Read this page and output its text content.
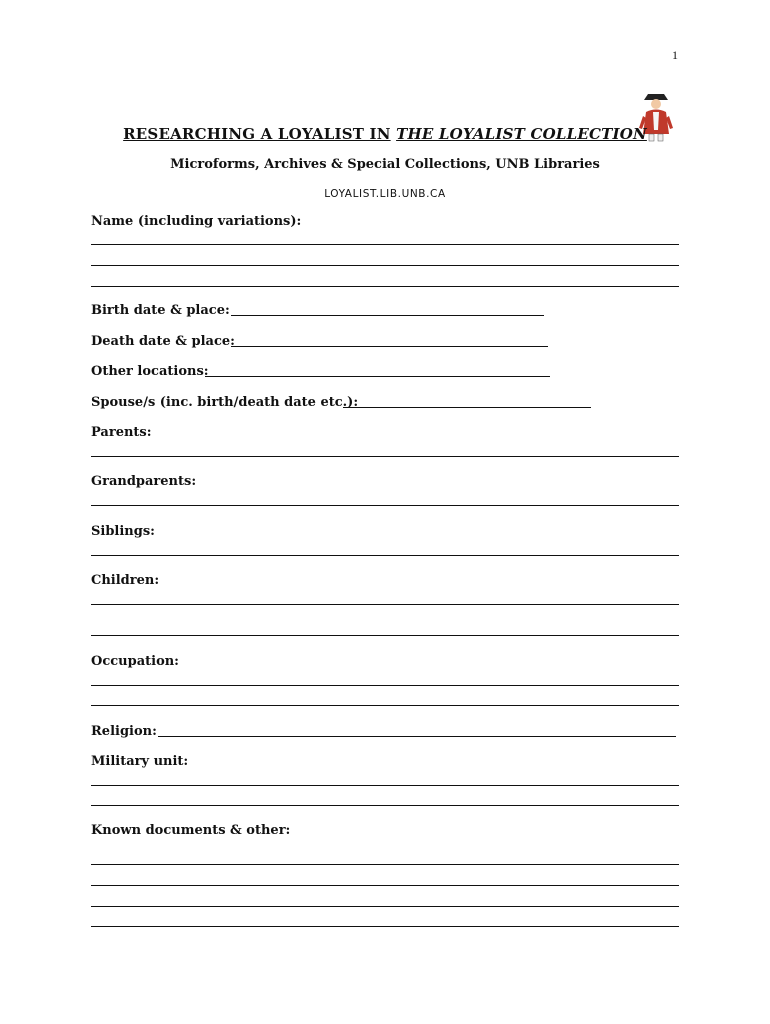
1
RESEARCHING A LOYALIST IN THE LOYALIST COLLECTION
Microforms, Archives & Special Collections, UNB Libraries
LOYALIST.LIB.UNB.CA
Name (including variations):
Birth date & place:
Death date & place:
Other locations:
Spouse/s (inc. birth/death date etc.):
Parents:
Grandparents:
Siblings:
Children:
Occupation:
Religion:
Military unit:
Known documents & other:
